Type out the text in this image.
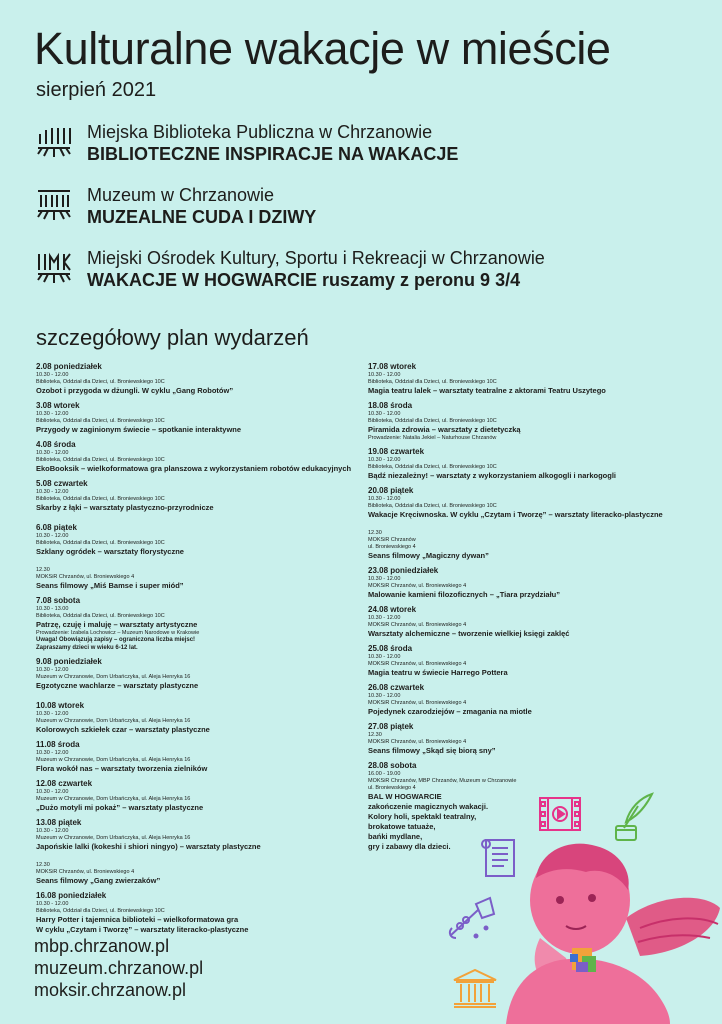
Kulturalne wakacje w mieście
sierpień 2021
Miejska Biblioteka Publiczna w Chrzanowie
BIBLIOTECZNE INSPIRACJE NA WAKACJE
Muzeum w Chrzanowie
MUZEALNE CUDA I DZIWY
Miejski Ośrodek Kultury, Sportu i Rekreacji w Chrzanowie
WAKACJE W HOGWARCIE ruszamy z peronu 9 3/4
szczegółowy plan wydarzeń
2.08 poniedziałek
10.30 - 12.00
Biblioteka, Oddział dla Dzieci, ul. Broniewskiego 10C
Ozobot i przygoda w dżungli. W cyklu „Gang Robotów”
3.08 wtorek
10.30 - 12.00
Biblioteka, Oddział dla Dzieci, ul. Broniewskiego 10C
Przygody w zaginionym świecie – spotkanie interaktywne
4.08 środa
10.30 - 12.00
Biblioteka, Oddział dla Dzieci, ul. Broniewskiego 10C
EkoBooksik – wielkoformatowa gra planszowa z wykorzystaniem robotów edukacyjnych
5.08 czwartek
10.30 - 12.00
Biblioteka, Oddział dla Dzieci, ul. Broniewskiego 10C
Skarby z łąki – warsztaty plastyczno-przyrodnicze
6.08 piątek
10.30 - 12.00
Biblioteka, Oddział dla Dzieci, ul. Broniewskiego 10C
Szklany ogródek – warsztaty florystyczne
12.30
MOKSiR Chrzanów, ul. Broniewskiego 4
Seans filmowy „Miś Bamse i super miód”
7.08 sobota
10.30 - 13.00
Biblioteka, Oddział dla Dzieci, ul. Broniewskiego 10C
Patrzę, czuję i maluję – warsztaty artystyczne
Prowadzenie: Izabela Lochowicz – Muzeum Narodowe w Krakowie
Uwaga! Obowiązują zapisy – ograniczona liczba miejsc!
Zapraszamy dzieci w wieku 6-12 lat.
9.08 poniedziałek
10.30 - 12.00
Muzeum w Chrzanowie, Dom Urbańczyka, ul. Aleja Henryka 16
Egzotyczne wachlarze – warsztaty plastyczne
10.08 wtorek
10.30 - 12.00
Muzeum w Chrzanowie, Dom Urbańczyka, ul. Aleja Henryka 16
Kolorowych szkiełek czar – warsztaty plastyczne
11.08 środa
10.30 - 12.00
Muzeum w Chrzanowie, Dom Urbańczyka, ul. Aleja Henryka 16
Flora wokół nas – warsztaty tworzenia zielników
12.08 czwartek
10.30 - 12.00
Muzeum w Chrzanowie, Dom Urbańczyka, ul. Aleja Henryka 16
„Dużo motyli mi pokaż” – warsztaty plastyczne
13.08 piątek
10.30 - 12.00
Muzeum w Chrzanowie, Dom Urbańczyka, ul. Aleja Henryka 16
Japońskie lalki (kokeshi i shiori ningyo) – warsztaty plastyczne
12.30
MOKSiR Chrzanów, ul. Broniewskiego 4
Seans filmowy „Gang zwierzaków”
16.08 poniedziałek
10.30 - 12.00
Biblioteka, Oddział dla Dzieci, ul. Broniewskiego 10C
Harry Potter i tajemnica biblioteki – wielkoformatowa gra
W cyklu „Czytam i Tworzę” – warsztaty literacko-plastyczne
17.08 wtorek
10.30 - 12.00
Biblioteka, Oddział dla Dzieci, ul. Broniewskiego 10C
Magia teatru lalek – warsztaty teatralne z aktorami Teatru Uszytego
18.08 środa
10.30 - 12.00
Biblioteka, Oddział dla Dzieci, ul. Broniewskiego 10C
Piramida zdrowia – warsztaty z dietetyczką
Prowadzenie: Natalia Jekiel – Naturhouse Chrzanów
19.08 czwartek
10.30 - 12.00
Biblioteka, Oddział dla Dzieci, ul. Broniewskiego 10C
Bądź niezależny! – warsztaty z wykorzystaniem alkogogli i narkogogli
20.08 piątek
10.30 - 12.00
Biblioteka, Oddział dla Dzieci, ul. Broniewskiego 10C
Wakacje Kręciwnoska. W cyklu „Czytam i Tworzę” – warsztaty literacko-plastyczne
12.30
MOKSiR Chrzanów
ul. Broniewskiego 4
Seans filmowy „Magiczny dywan”
23.08 poniedziałek
10.30 - 12.00
MOKSiR Chrzanów, ul. Broniewskiego 4
Malowanie kamieni filozoficznych – „Tiara przydziału”
24.08 wtorek
10.30 - 12.00
MOKSiR Chrzanów, ul. Broniewskiego 4
Warsztaty alchemiczne – tworzenie wielkiej księgi zaklęć
25.08 środa
10.30 - 12.00
MOKSiR Chrzanów, ul. Broniewskiego 4
Magia teatru w świecie Harrego Pottera
26.08 czwartek
10.30 - 12.00
MOKSiR Chrzanów, ul. Broniewskiego 4
Pojedynek czarodziejów – zmagania na miotle
27.08 piątek
12.30
MOKSiR Chrzanów, ul. Broniewskiego 4
Seans filmowy „Skąd się biorą sny”
28.08 sobota
16.00 - 19.00
MOKSiR Chrzanów, MBP Chrzanów, Muzeum w Chrzanowie
ul. Broniewskiego 4
BAL W HOGWARCIE
zakończenie magicznych wakacji.
Kolory holi, spektakl teatralny,
brokatowe tatuaże,
bańki mydlane,
gry i zabawy dla dzieci.
mbp.chrzanow.pl
muzeum.chrzanow.pl
moksir.chrzanow.pl
